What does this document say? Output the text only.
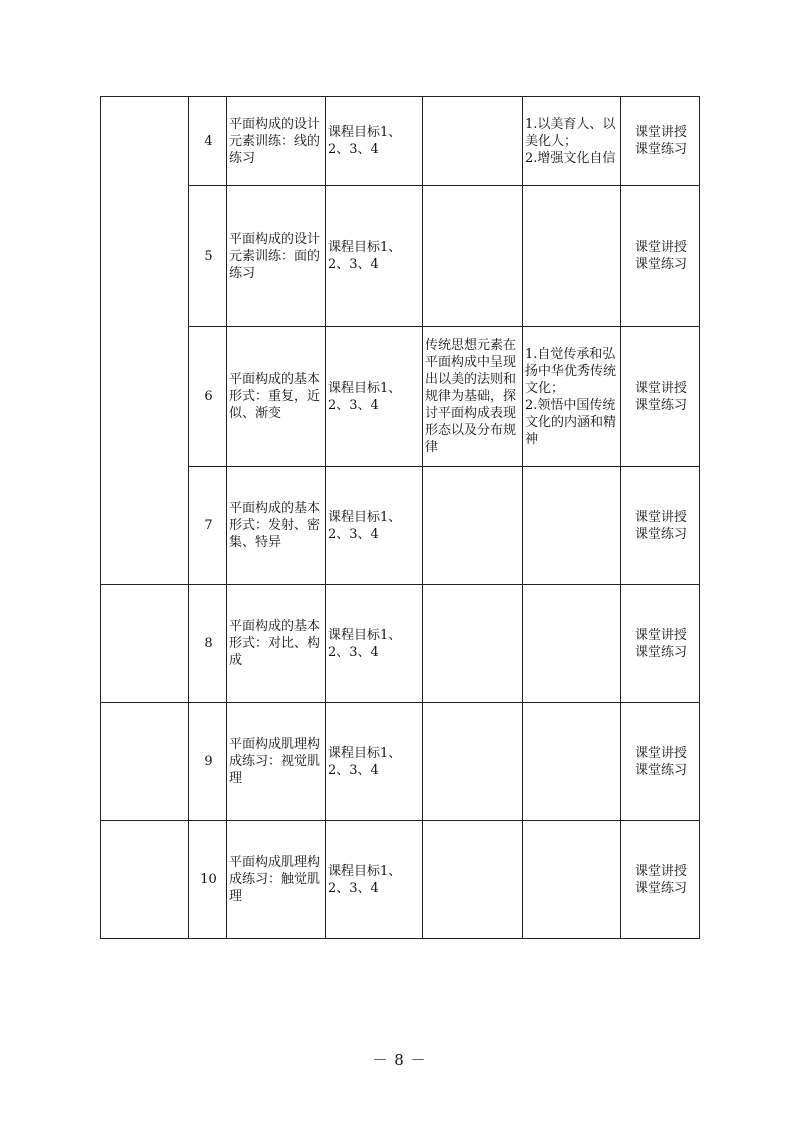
	4	平面构成的设计元素训练：线的练习	课程目标1、2、3、4		1.以美育人、以美化人；
2.增强文化自信	课堂讲授
课堂练习

	5	平面构成的设计元素训练：面的练习	课程目标1、2、3、4			课堂讲授
课堂练习

	6	平面构成的基本形式：重复，近似、渐变	课程目标1、2、3、4	传统思想元素在平面构成中呈现出以美的法则和规律为基础，探讨平面构成表现形态以及分布规律	1.自觉传承和弘扬中华优秀传统文化；
2.领悟中国传统文化的内涵和精神	课堂讲授
课堂练习

	7	平面构成的基本形式：发射、密集、特异	课程目标1、2、3、4			课堂讲授
课堂练习

	8	平面构成的基本形式：对比、构成	课程目标1、2、3、4			课堂讲授
课堂练习

	9	平面构成肌理构成练习：视觉肌理	课程目标1、2、3、4			课堂讲授
课堂练习

	10	平面构成肌理构成练习：触觉肌理	课程目标1、2、3、4			课堂讲授
课堂练习
－ 8 －
